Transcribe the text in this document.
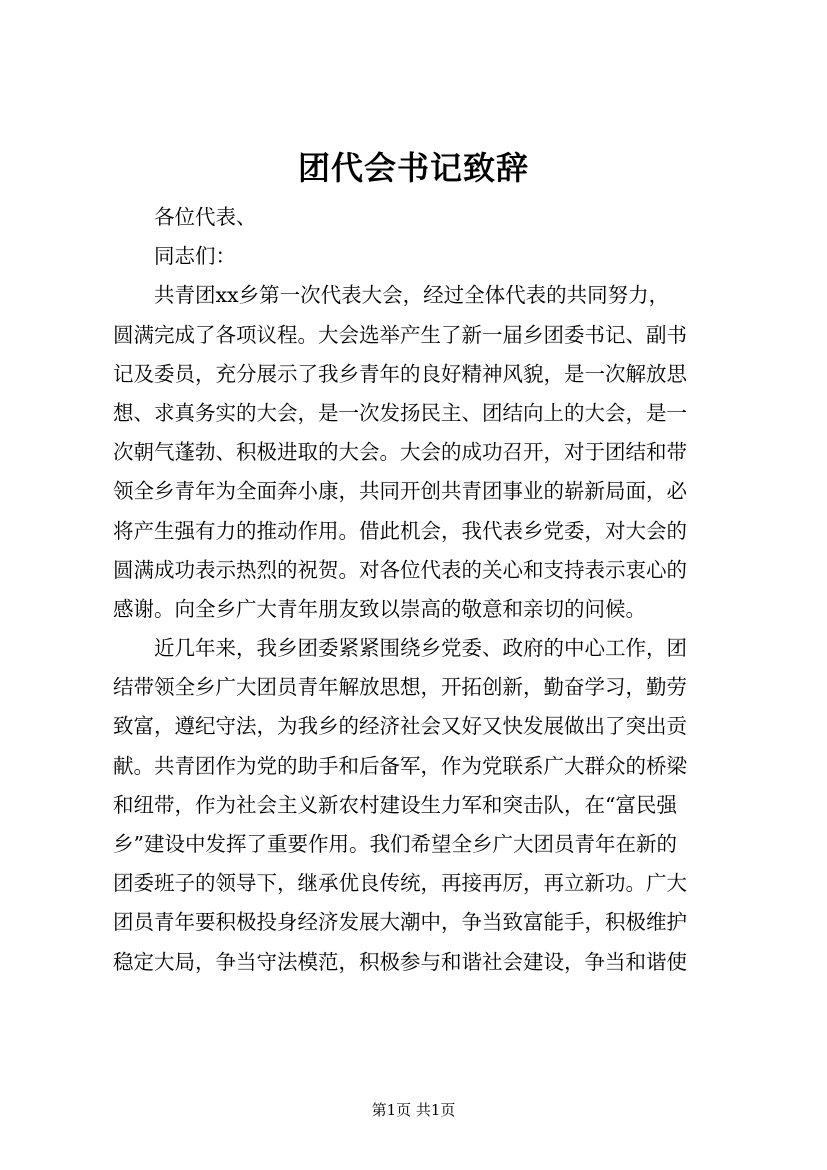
团代会书记致辞
各位代表、
同志们：
共青团xx乡第一次代表大会，经过全体代表的共同努力，
圆满完成了各项议程。大会选举产生了新一届乡团委书记、副书
记及委员，充分展示了我乡青年的良好精神风貌，是一次解放思
想、求真务实的大会，是一次发扬民主、团结向上的大会，是一
次朝气蓬勃、积极进取的大会。大会的成功召开，对于团结和带
领全乡青年为全面奔小康，共同开创共青团事业的崭新局面，必
将产生强有力的推动作用。借此机会，我代表乡党委，对大会的
圆满成功表示热烈的祝贺。对各位代表的关心和支持表示衷心的
感谢。向全乡广大青年朋友致以崇高的敬意和亲切的问候。
近几年来，我乡团委紧紧围绕乡党委、政府的中心工作，团
结带领全乡广大团员青年解放思想，开拓创新，勤奋学习，勤劳
致富，遵纪守法，为我乡的经济社会又好又快发展做出了突出贡
献。共青团作为党的助手和后备军，作为党联系广大群众的桥梁
和纽带，作为社会主义新农村建设生力军和突击队，在“富民强
乡”建设中发挥了重要作用。我们希望全乡广大团员青年在新的
团委班子的领导下，继承优良传统，再接再厉，再立新功。广大
团员青年要积极投身经济发展大潮中，争当致富能手，积极维护
稳定大局，争当守法模范，积极参与和谐社会建设，争当和谐使
第1页 共1页
